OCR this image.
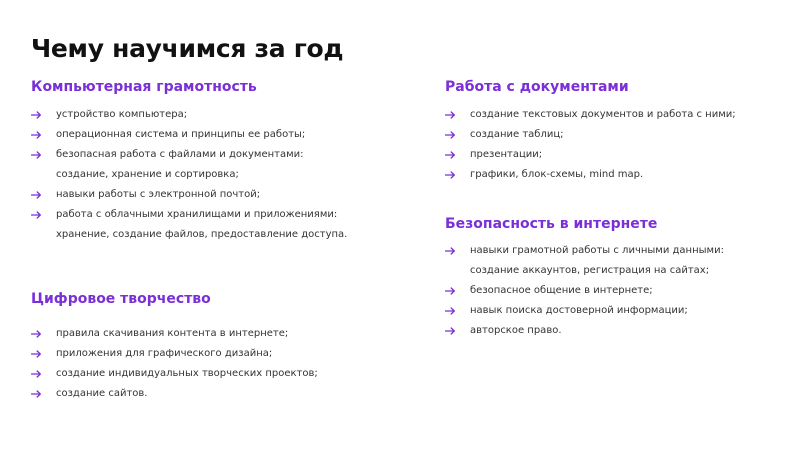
Чему научимся за год
Компьютерная грамотность
устройство компьютера;
операционная система и принципы ее работы;
безопасная работа с файлами и документами: создание, хранение и сортировка;
навыки работы с электронной почтой;
работа с облачными хранилищами и приложениями: хранение, создание файлов, предоставление доступа.
Цифровое творчество
правила скачивания контента в интернете;
приложения для графического дизайна;
создание индивидуальных творческих проектов;
создание сайтов.
Работа с документами
создание текстовых документов и работа с ними;
создание таблиц;
презентации;
графики, блок-схемы, mind map.
Безопасность в интернете
навыки грамотной работы с личными данными: создание аккаунтов, регистрация на сайтах;
безопасное общение в интернете;
навык поиска достоверной информации;
авторское право.
